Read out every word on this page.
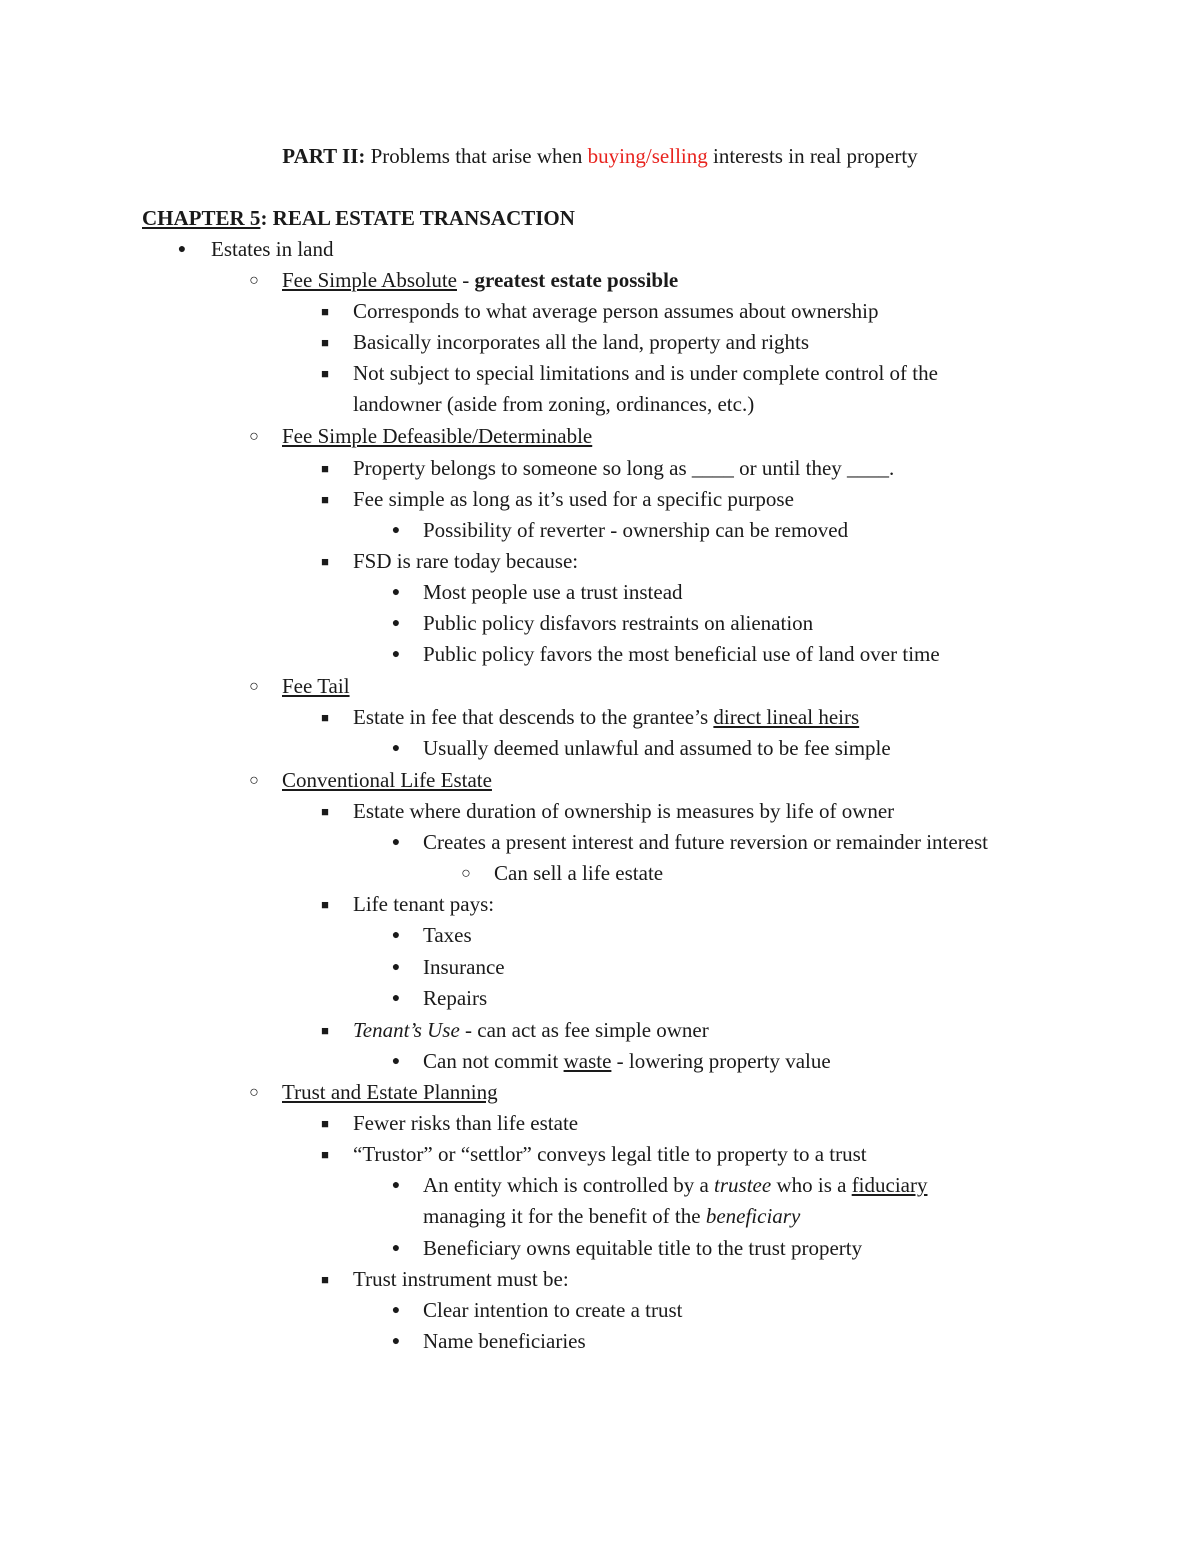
PART II: Problems that arise when buying/selling interests in real property
CHAPTER 5: REAL ESTATE TRANSACTION
● Estates in land
○ Fee Simple Absolute - greatest estate possible
■ Corresponds to what average person assumes about ownership
■ Basically incorporates all the land, property and rights
■ Not subject to special limitations and is under complete control of the
landowner (aside from zoning, ordinances, etc.)
○ Fee Simple Defeasible/Determinable
■ Property belongs to someone so long as ____ or until they ____.
■ Fee simple as long as it’s used for a specific purpose
● Possibility of reverter - ownership can be removed
■ FSD is rare today because:
● Most people use a trust instead
● Public policy disfavors restraints on alienation
● Public policy favors the most beneficial use of land over time
○ Fee Tail
■ Estate in fee that descends to the grantee’s direct lineal heirs
● Usually deemed unlawful and assumed to be fee simple
○ Conventional Life Estate
■ Estate where duration of ownership is measures by life of owner
● Creates a present interest and future reversion or remainder interest
○ Can sell a life estate
■ Life tenant pays:
● Taxes
● Insurance
● Repairs
■ Tenant’s Use - can act as fee simple owner
● Can not commit waste - lowering property value
○ Trust and Estate Planning
■ Fewer risks than life estate
■ “Trustor” or “settlor” conveys legal title to property to a trust
● An entity which is controlled by a trustee who is a fiduciary
managing it for the benefit of the beneficiary
● Beneficiary owns equitable title to the trust property
■ Trust instrument must be:
● Clear intention to create a trust
● Name beneficiaries
